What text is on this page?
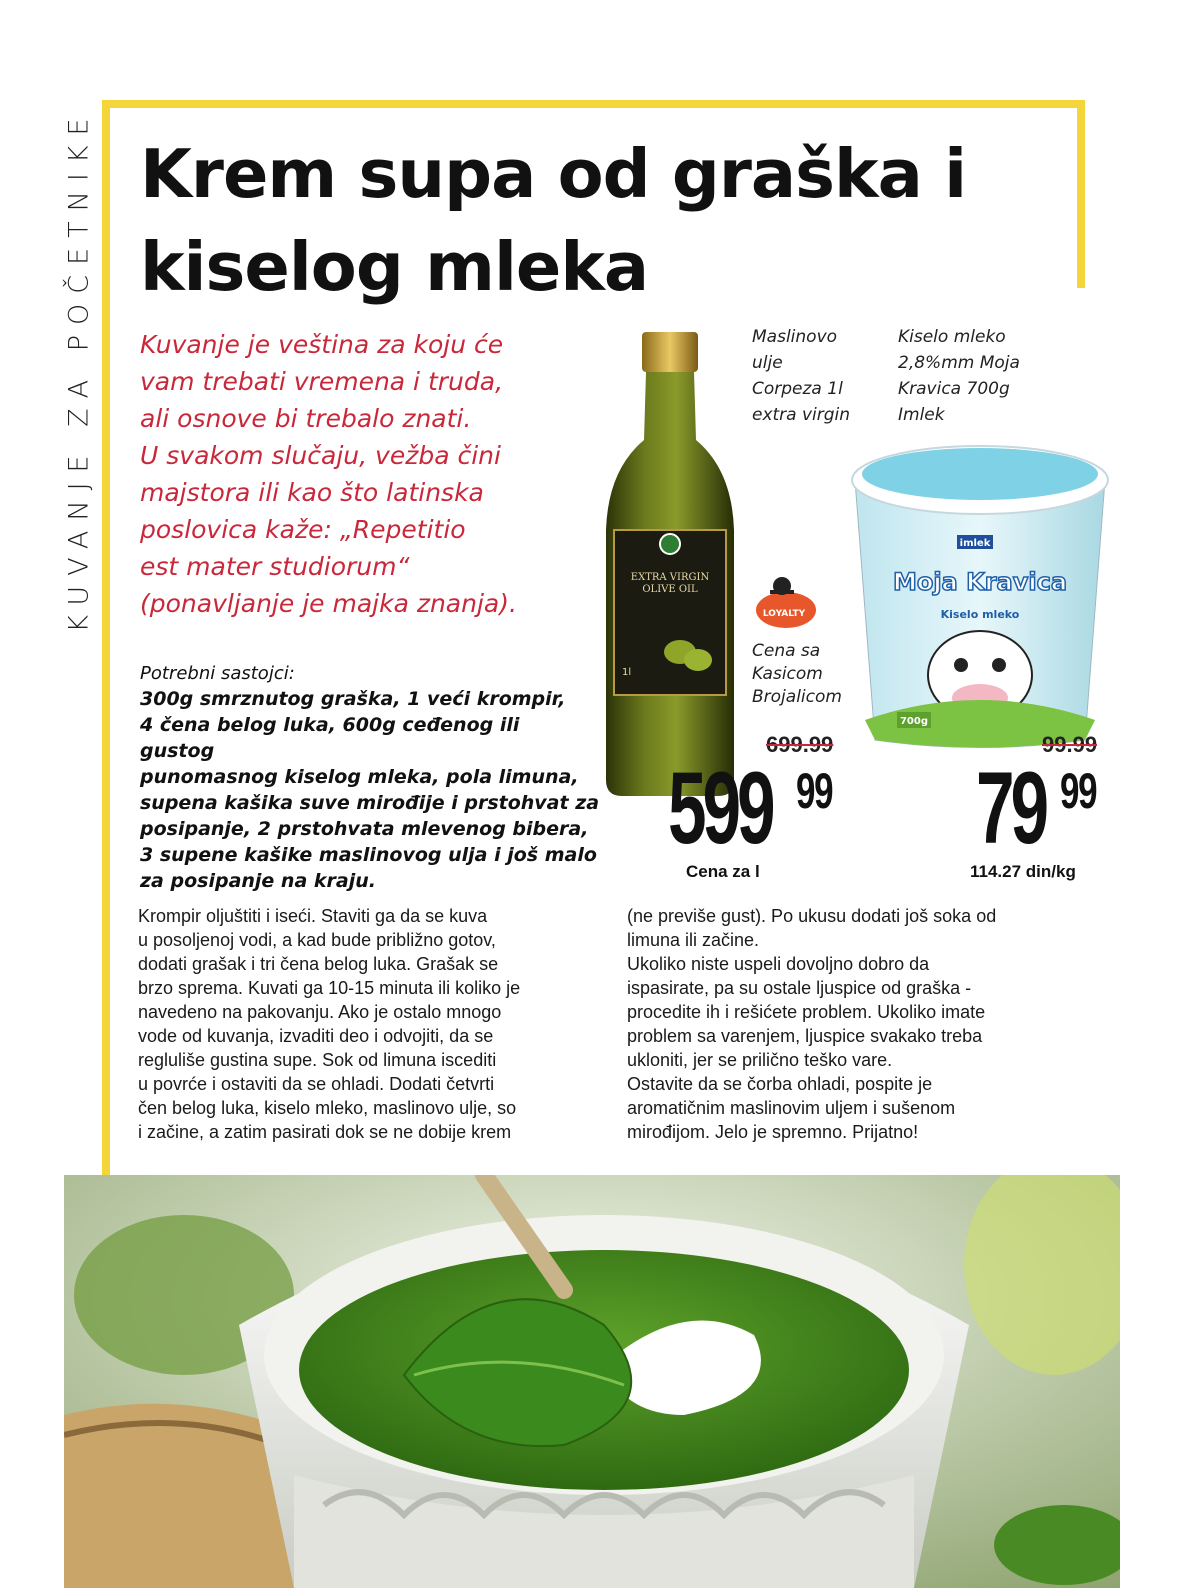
KUVANJE ZA POČETNIKE Krem supa od graška i kiselog mleka

Kuvanje je veština za koju će
vam trebati vremena i truda,
ali osnove bi trebalo znati.
U svakom slučaju, vežba čini
majstora ili kao što latinska
poslovica kaže: „Repetitio
est mater studiorum“
(ponavljanje je majka znanja).

Potrebni sastojci:
300g smrznutog graška, 1 veći krompir,
4 čena belog luka, 600g ceđenog ili gustog
punomasnog kiselog mleka, pola limuna,
supena kašika suve mirođije i prstohvat za
posipanje, 2 prstohvata mlevenog bibera,
3 supene kašike maslinovog ulja i još malo
za posipanje na kraju.
EXTRA VIRGIN
OLIVE OIL
1l
imlek
Moja Kravica
Kiselo mleko
700g
LOYALTY
Cena sa
Kasicom
Brojalicom
Maslinovo
ulje
Corpeza 1l
extra virgin
699.99
599 99
Cena za l
Kiselo mleko
2,8%mm Moja
Kravica 700g
Imlek
99.99
79 99
114.27 din/kg

Krompir oljuštiti i iseći. Staviti ga da se kuva
u posoljenoj vodi, a kad bude približno gotov,
dodati grašak i tri čena belog luka. Grašak se
brzo sprema. Kuvati ga 10-15 minuta ili koliko je
navedeno na pakovanju. Ako je ostalo mnogo
vode od kuvanja, izvaditi deo i odvojiti, da se
regluliše gustina supe. Sok od limuna iscediti
u povrće i ostaviti da se ohladi. Dodati četvrti
čen belog luka, kiselo mleko, maslinovo ulje, so
i začine, a zatim pasirati dok se ne dobije krem

(ne previše gust). Po ukusu dodati još soka od
limuna ili začine.
Ukoliko niste uspeli dovoljno dobro da
ispasirate, pa su ostale ljuspice od graška -
procedite ih i rešićete problem. Ukoliko imate
problem sa varenjem, ljuspice svakako treba
ukloniti, jer se prilično teško vare.
Ostavite da se čorba ohladi, pospite je
aromatičnim maslinovim uljem i sušenom
mirođijom. Jelo je spremno. Prijatno!
